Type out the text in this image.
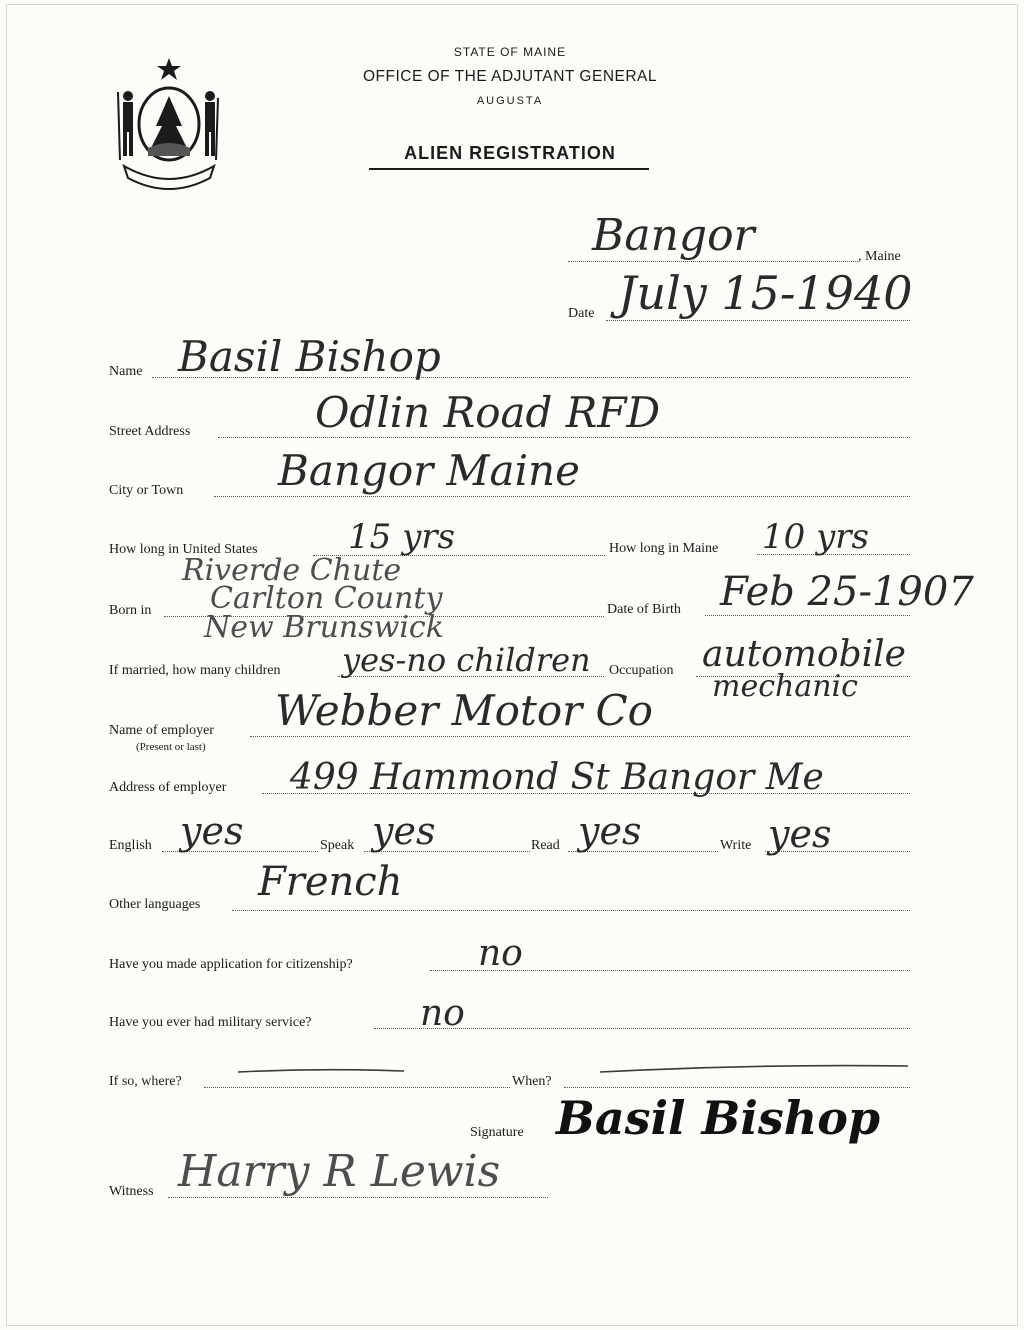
STATE OF MAINE
OFFICE OF THE ADJUTANT GENERAL
AUGUSTA
ALIEN REGISTRATION
Bangor	, Maine
Date July 15-1940
Name Basil Bishop
Street Address	Odlin Road RFD
City or Town Bangor Maine
How long in United States	15 yrs	How long in Maine 10 yrs
Riverde Chute
Born in Carlton County
New Brunswick
Date of Birth Feb 25-1907
If married, how many children yes-no children Occupation automobile
mechanic
Name of employer
(Present or last)
Webber Motor Co
Address of employer 499 Hammond St Bangor Me
English yes	Speak yes	Read yes	Write yes
Other languages French
Have you made application for citizenship?	no
Have you ever had military service?	no
If so, where?	When?
Signature Basil Bishop
Witness Harry R Lewis
